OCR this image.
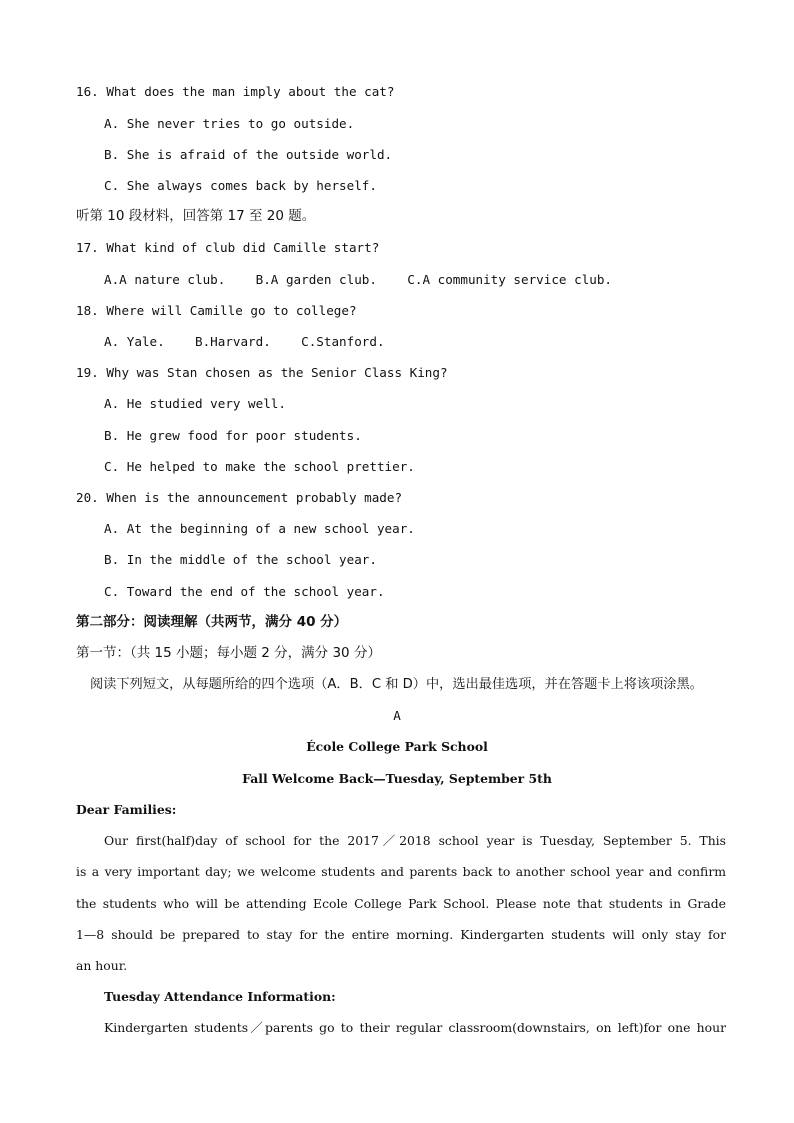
16. What does the man imply about the cat?
A. She never tries to go outside.
B. She is afraid of the outside world.
C. She always comes back by herself.
听第 10 段材料，回答第 17 至 20 题。
17. What kind of club did Camille start?
A.A nature club.    B.A garden club.    C.A community service club.
18. Where will Camille go to college?
A. Yale.    B.Harvard.    C.Stanford.
19. Why was Stan chosen as the Senior Class King?
A. He studied very well.
B. He grew food for poor students.
C. He helped to make the school prettier.
20. When is the announcement probably made?
A. At the beginning of a new school year.
B. In the middle of the school year.
C. Toward the end of the school year.
第二部分：阅读理解（共两节，满分 40 分）
第一节：（共 15 小题；每小题 2 分，满分 30 分）
阅读下列短文，从每题所给的四个选项（A．B．C 和 D）中，选出最佳选项，并在答题卡上将该项涂黑。
A
École College Park School
Fall Welcome Back—Tuesday, September 5th
Dear Families:
Our first(half)day of school for the 2017／2018 school year is Tuesday, September 5. This
is a very important day; we welcome students and parents back to another school year and confirm
the students who will be attending Ecole College Park School. Please note that students in Grade
1—8 should be prepared to stay for the entire morning. Kindergarten students will only stay for
an hour.
Tuesday Attendance Information:
Kindergarten students／parents go to their regular classroom(downstairs, on left)for one hour
